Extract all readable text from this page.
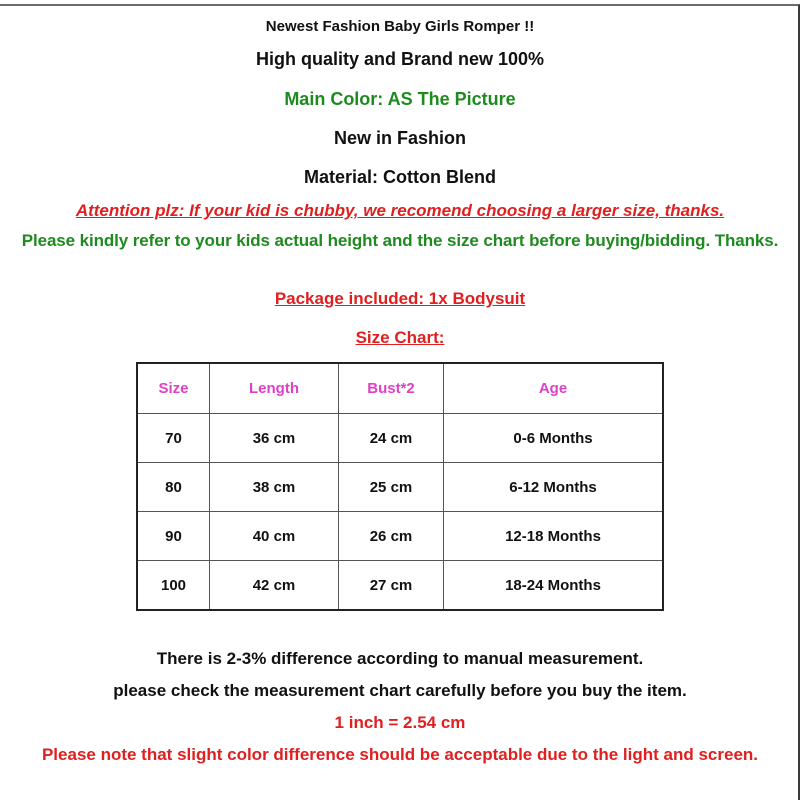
Newest Fashion Baby Girls Romper !!
High quality and Brand new 100%
Main Color: AS The Picture
New in Fashion
Material: Cotton Blend
Attention plz: If your kid is chubby, we recomend choosing a larger size, thanks.
Please kindly refer to your kids actual height and the size chart before buying/bidding. Thanks.
Package included: 1x Bodysuit
Size Chart:
Size	Length	Bust*2	Age
70	36 cm	24 cm	0-6 Months
80	38 cm	25 cm	6-12 Months
90	40 cm	26 cm	12-18 Months
100	42 cm	27 cm	18-24 Months
There is 2-3% difference according to manual measurement.
please check the measurement chart carefully before you buy the item.
1 inch = 2.54 cm
Please note that slight color difference should be acceptable due to the light and screen.
